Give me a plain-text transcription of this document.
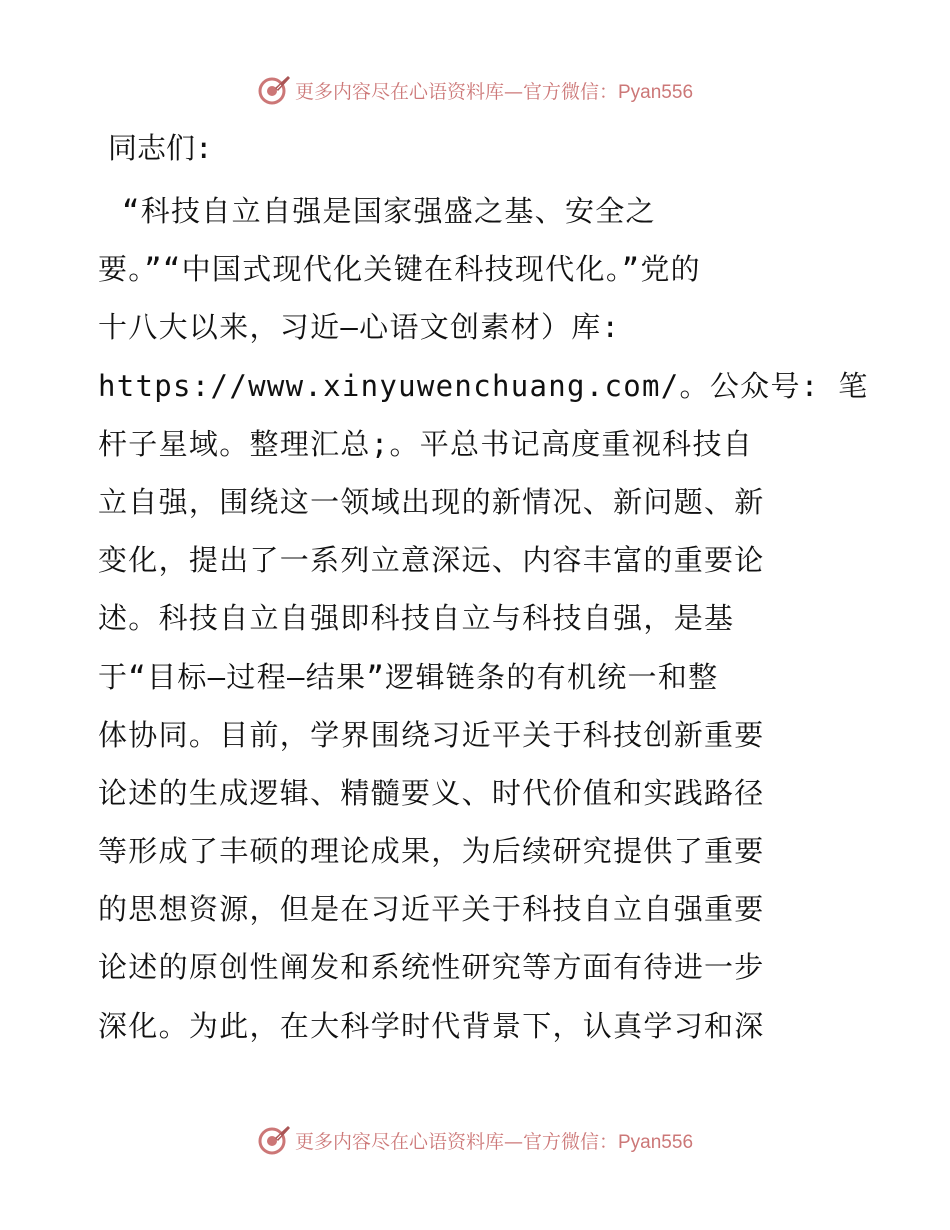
更多内容尽在心语资料库—官方微信：Pyan556
同志们:
“科技自立自强是国家强盛之基、安全之
要。”“中国式现代化关键在科技现代化。”党的
十八大以来，习近—心语文创素材）库:
https://www.xinyuwenchuang.com/。公众号: 笔
杆子星域。整理汇总;。平总书记高度重视科技自
立自强，围绕这一领域出现的新情况、新问题、新
变化，提出了一系列立意深远、内容丰富的重要论
述。科技自立自强即科技自立与科技自强，是基
于“目标—过程—结果”逻辑链条的有机统一和整
体协同。目前，学界围绕习近平关于科技创新重要
论述的生成逻辑、精髓要义、时代价值和实践路径
等形成了丰硕的理论成果，为后续研究提供了重要
的思想资源，但是在习近平关于科技自立自强重要
论述的原创性阐发和系统性研究等方面有待进一步
深化。为此，在大科学时代背景下，认真学习和深
更多内容尽在心语资料库—官方微信：Pyan556
